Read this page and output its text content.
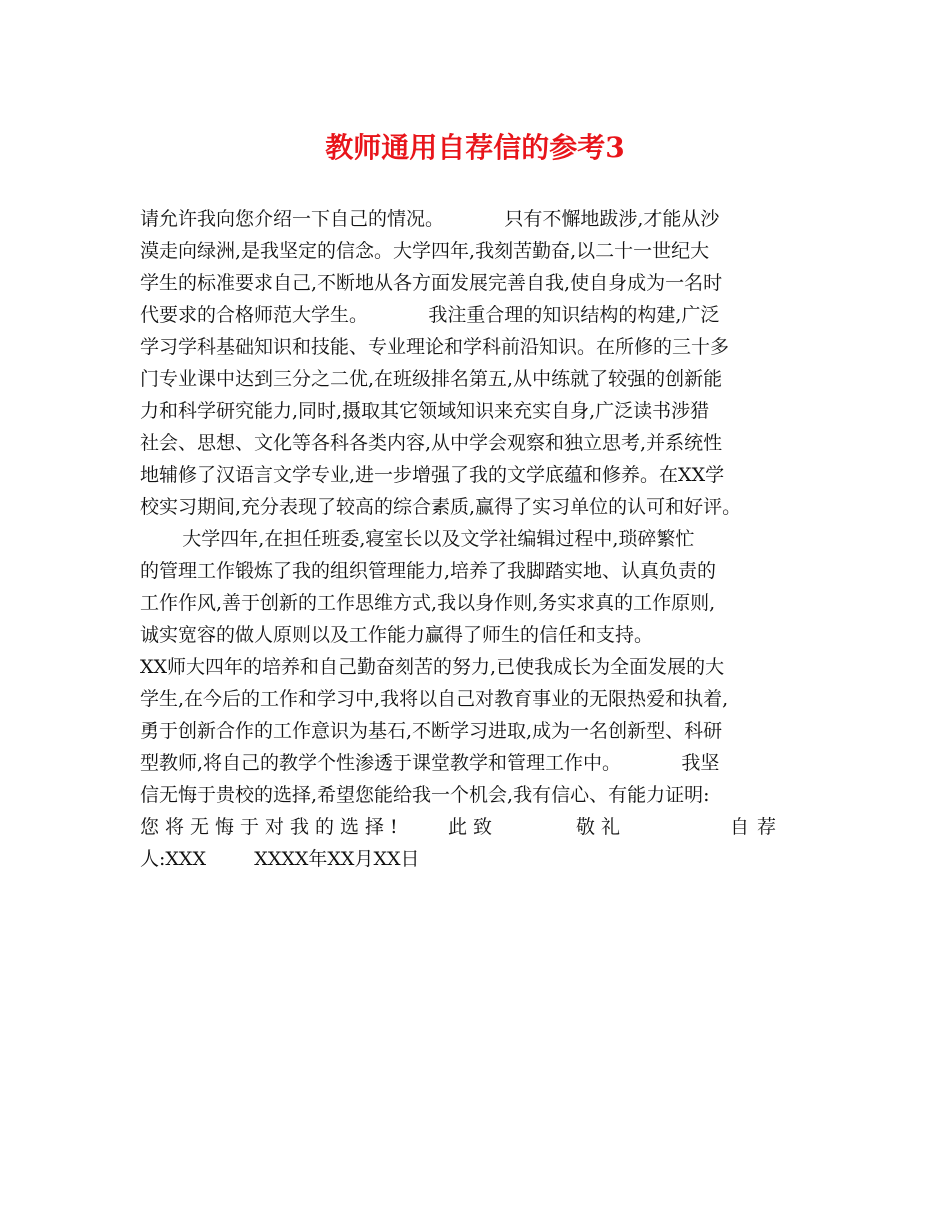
教师通用自荐信的参考3
请允许我向您介绍一下自己的情况。          只有不懈地跋涉,才能从沙
漠走向绿洲,是我坚定的信念。大学四年,我刻苦勤奋,以二十一世纪大
学生的标准要求自己,不断地从各方面发展完善自我,使自身成为一名时
代要求的合格师范大学生。          我注重合理的知识结构的构建,广泛
学习学科基础知识和技能、专业理论和学科前沿知识。在所修的三十多
门专业课中达到三分之二优,在班级排名第五,从中练就了较强的创新能
力和科学研究能力,同时,摄取其它领域知识来充实自身,广泛读书涉猎
社会、思想、文化等各科各类内容,从中学会观察和独立思考,并系统性
地辅修了汉语言文学专业,进一步增强了我的文学底蕴和修养。在XX学
校实习期间,充分表现了较高的综合素质,赢得了实习单位的认可和好评。
大学四年,在担任班委,寝室长以及文学社编辑过程中,琐碎繁忙
的管理工作锻炼了我的组织管理能力,培养了我脚踏实地、认真负责的
工作作风,善于创新的工作思维方式,我以身作则,务实求真的工作原则,
诚实宽容的做人原则以及工作能力赢得了师生的信任和支持。
XX师大四年的培养和自己勤奋刻苦的努力,已使我成长为全面发展的大
学生,在今后的工作和学习中,我将以自己对教育事业的无限热爱和执着,
勇于创新合作的工作意识为基石,不断学习进取,成为一名创新型、科研
型教师,将自己的教学个性渗透于课堂教学和管理工作中。          我坚
信无悔于贵校的选择,希望您能给我一个机会,我有信心、有能力证明:
您将无悔于对我的选择! 此致	敬礼	自荐
人:XXX        XXXX年XX月XX日
